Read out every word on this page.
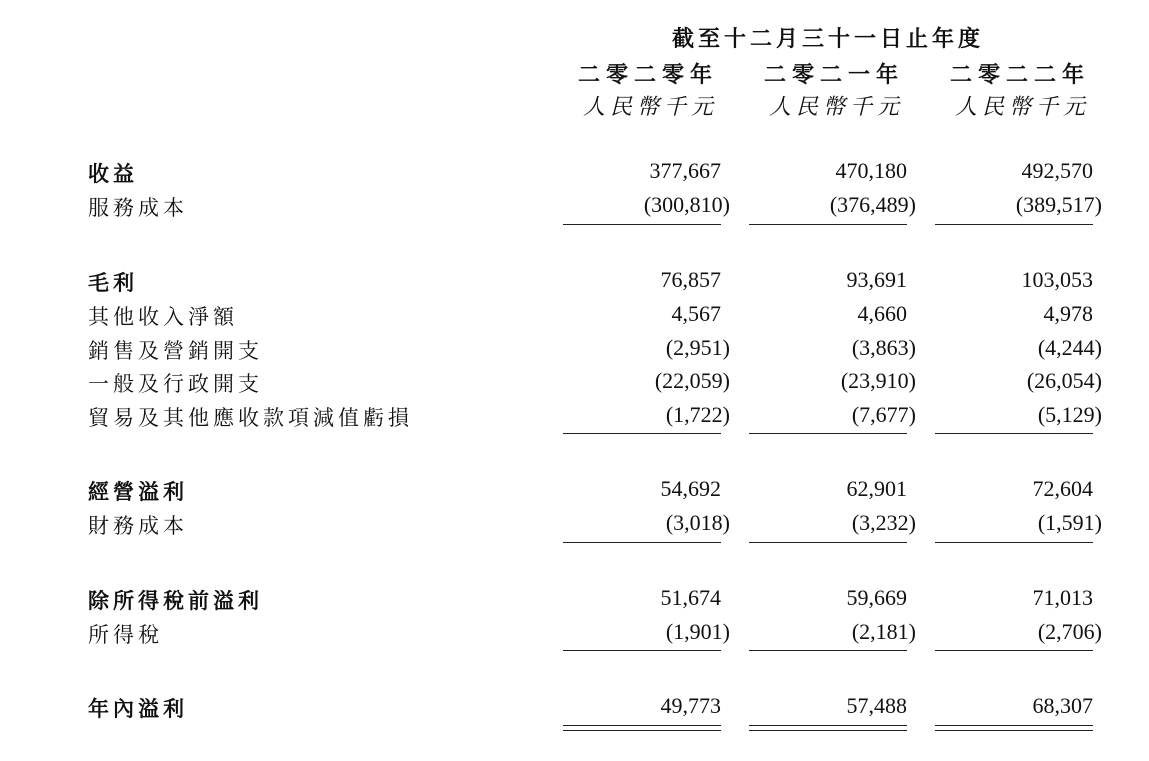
截至十二月三十一日止年度
二零二零年	二零二一年	二零二二年
人民幣千元	人民幣千元	人民幣千元
收益	377,667	470,180	492,570
服務成本	(300,810)	(376,489)	(389,517)
毛利	76,857	93,691	103,053
其他收入淨額	4,567	4,660	4,978
銷售及營銷開支	(2,951)	(3,863)	(4,244)
一般及行政開支	(22,059)	(23,910)	(26,054)
貿易及其他應收款項減值虧損	(1,722)	(7,677)	(5,129)
經營溢利	54,692	62,901	72,604
財務成本	(3,018)	(3,232)	(1,591)
除所得稅前溢利	51,674	59,669	71,013
所得稅	(1,901)	(2,181)	(2,706)
年內溢利	49,773	57,488	68,307
